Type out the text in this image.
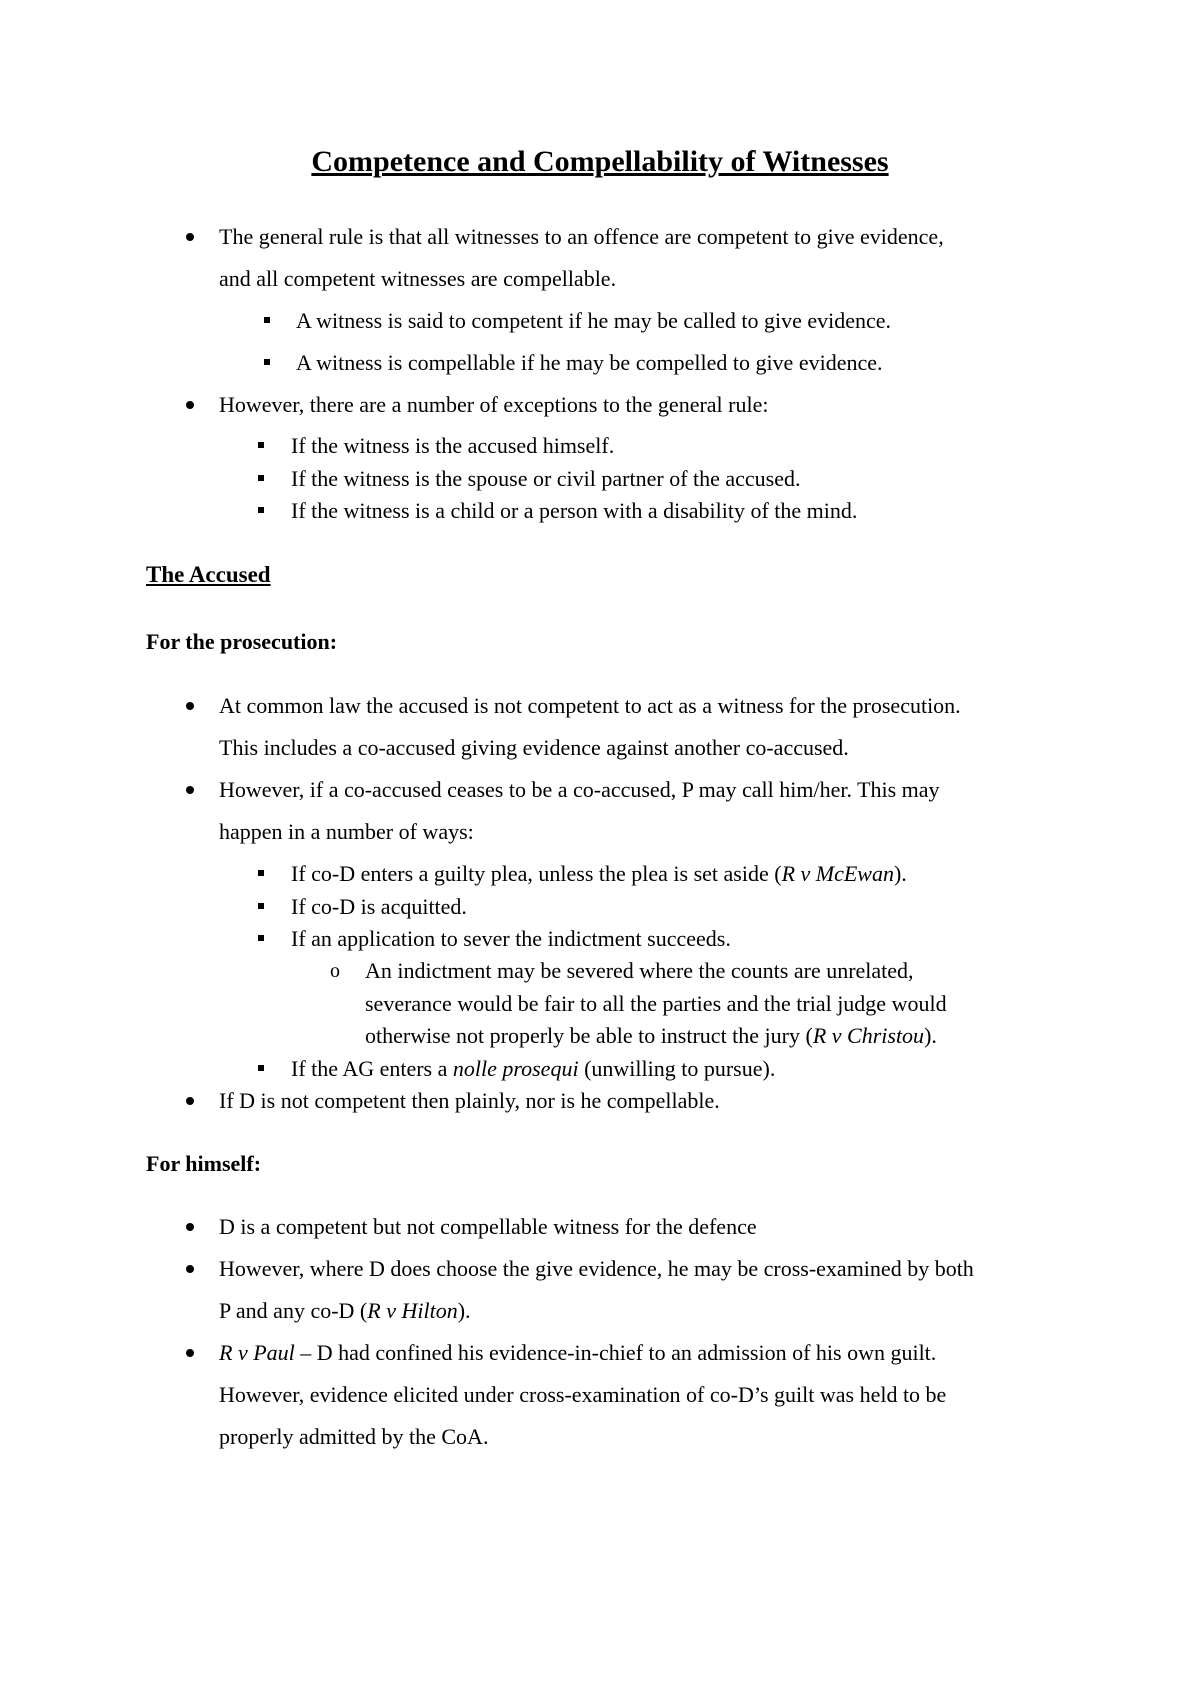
Competence and Compellability of Witnesses
The general rule is that all witnesses to an offence are competent to give evidence,
and all competent witnesses are compellable.
A witness is said to competent if he may be called to give evidence.
A witness is compellable if he may be compelled to give evidence.
However, there are a number of exceptions to the general rule:
If the witness is the accused himself.
If the witness is the spouse or civil partner of the accused.
If the witness is a child or a person with a disability of the mind.
The Accused
For the prosecution:
At common law the accused is not competent to act as a witness for the prosecution.
This includes a co-accused giving evidence against another co-accused.
However, if a co-accused ceases to be a co-accused, P may call him/her. This may
happen in a number of ways:
If co-D enters a guilty plea, unless the plea is set aside (R v McEwan).
If co-D is acquitted.
If an application to sever the indictment succeeds.
o An indictment may be severed where the counts are unrelated,
severance would be fair to all the parties and the trial judge would
otherwise not properly be able to instruct the jury (R v Christou).
If the AG enters a nolle prosequi (unwilling to pursue).
If D is not competent then plainly, nor is he compellable.
For himself:
D is a competent but not compellable witness for the defence
However, where D does choose the give evidence, he may be cross-examined by both
P and any co-D (R v Hilton).
R v Paul – D had confined his evidence-in-chief to an admission of his own guilt.
However, evidence elicited under cross-examination of co-D’s guilt was held to be
properly admitted by the CoA.
